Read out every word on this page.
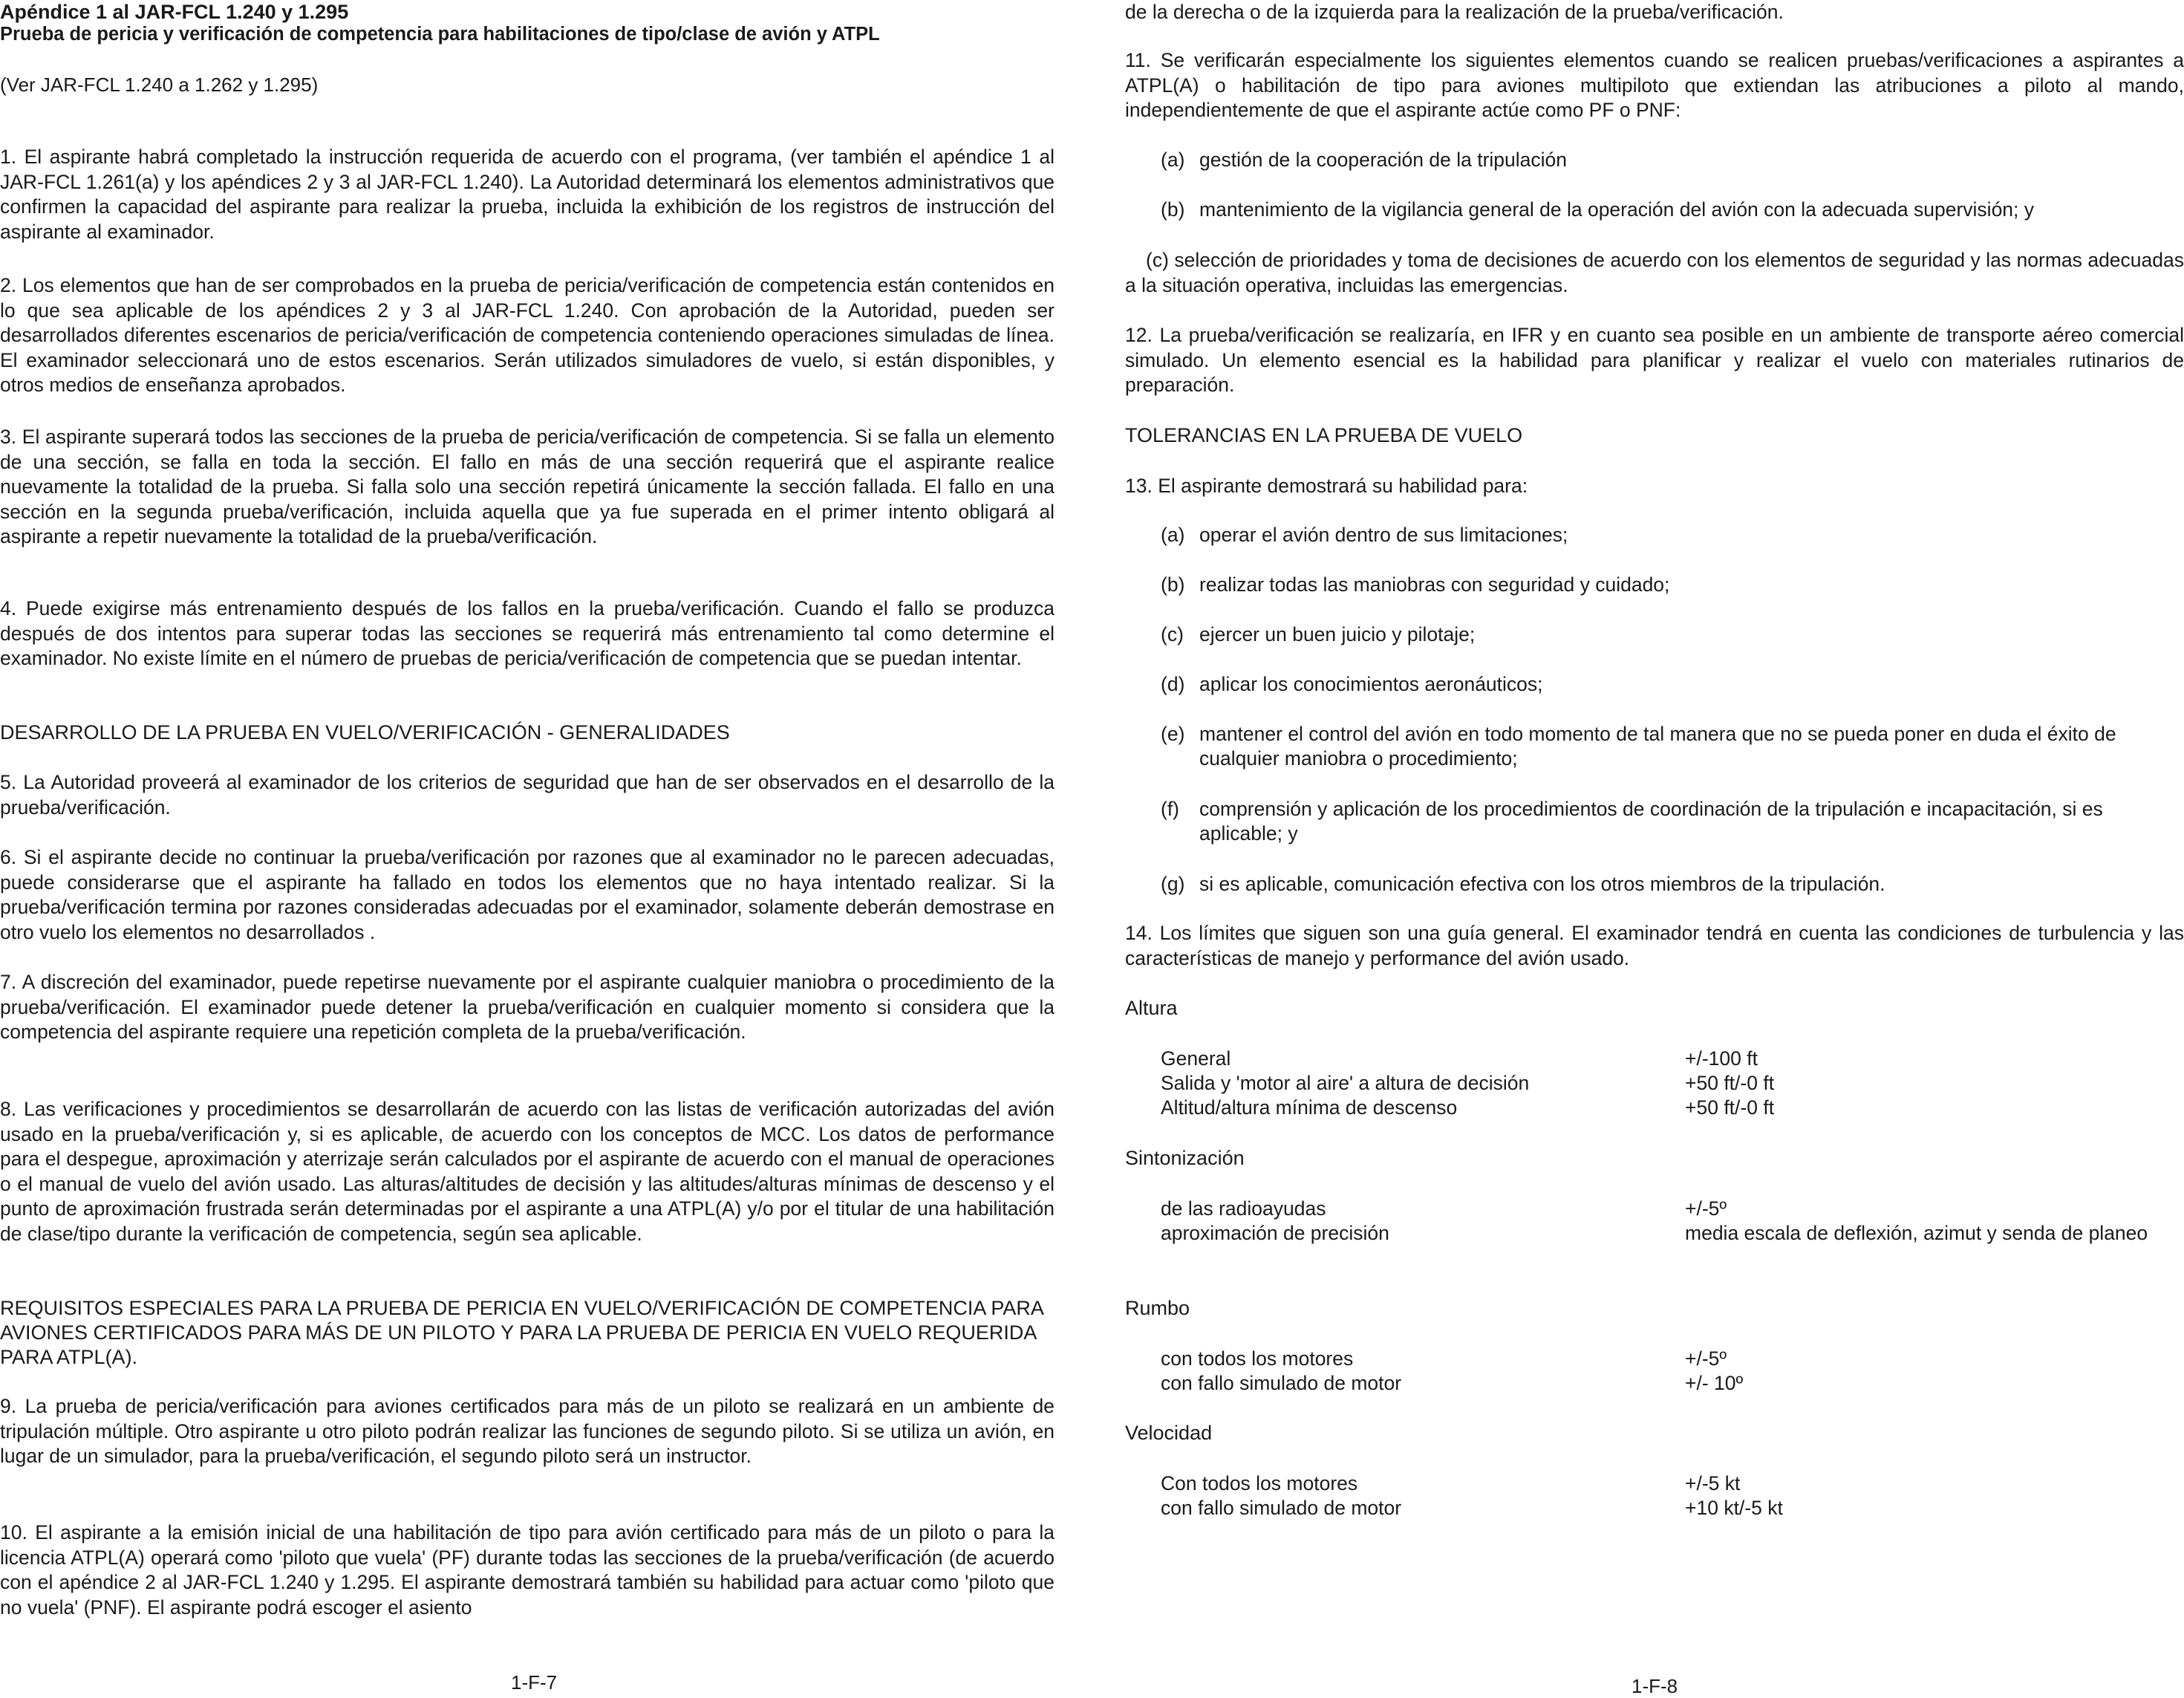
Apéndice 1 al JAR-FCL 1.240 y 1.295
Prueba de pericia y verificación de competencia para habilitaciones de tipo/clase de avión y ATPL
(Ver JAR-FCL 1.240 a 1.262 y 1.295)

1. El aspirante habrá completado la instrucción requerida de acuerdo con el programa, (ver también el apéndice 1 al JAR-FCL 1.261(a) y los apéndices 2 y 3 al JAR-FCL 1.240). La Autoridad determinará los elementos administrativos que confirmen la capacidad del aspirante para realizar la prueba, incluida la exhibición de los registros de instrucción del aspirante al examinador.

2. Los elementos que han de ser comprobados en la prueba de pericia/verificación de competencia están contenidos en lo que sea aplicable de los apéndices 2 y 3 al JAR-FCL 1.240. Con aprobación de la Autoridad, pueden ser desarrollados diferentes escenarios de pericia/verificación de competencia conteniendo operaciones simuladas de línea. El examinador seleccionará uno de estos escenarios. Serán utilizados simuladores de vuelo, si están disponibles, y otros medios de enseñanza aprobados.

3. El aspirante superará todos las secciones de la prueba de pericia/verificación de competencia. Si se falla un elemento de una sección, se falla en toda la sección. El fallo en más de una sección requerirá que el aspirante realice nuevamente la totalidad de la prueba. Si falla solo una sección repetirá únicamente la sección fallada. El fallo en una sección en la segunda prueba/verificación, incluida aquella que ya fue superada en el primer intento obligará al aspirante a repetir nuevamente la totalidad de la prueba/verificación.

4. Puede exigirse más entrenamiento después de los fallos en la prueba/verificación. Cuando el fallo se produzca después de dos intentos para superar todas las secciones se requerirá más entrenamiento tal como determine el examinador. No existe límite en el número de pruebas de pericia/verificación de competencia que se puedan intentar.

DESARROLLO DE LA PRUEBA EN VUELO/VERIFICACIÓN - GENERALIDADES

5. La Autoridad proveerá al examinador de los criterios de seguridad que han de ser observados en el desarrollo de la prueba/verificación.

6. Si el aspirante decide no continuar la prueba/verificación por razones que al examinador no le parecen adecuadas, puede considerarse que el aspirante ha fallado en todos los elementos que no haya intentado realizar. Si la prueba/verificación termina por razones consideradas adecuadas por el examinador, solamente deberán demostrase en otro vuelo los elementos no desarrollados .

7. A discreción del examinador, puede repetirse nuevamente por el aspirante cualquier maniobra o procedimiento de la prueba/verificación. El examinador puede detener la prueba/verificación en cualquier momento si considera que la competencia del aspirante requiere una repetición completa de la prueba/verificación.

8. Las verificaciones y procedimientos se desarrollarán de acuerdo con las listas de verificación autorizadas del avión usado en la prueba/verificación y, si es aplicable, de acuerdo con los conceptos de MCC. Los datos de performance para el despegue, aproximación y aterrizaje serán calculados por el aspirante de acuerdo con el manual de operaciones o el manual de vuelo del avión usado. Las alturas/altitudes de decisión y las altitudes/alturas mínimas de descenso y el punto de aproximación frustrada serán determinadas por el aspirante a una ATPL(A) y/o por el titular de una habilitación de clase/tipo durante la verificación de competencia, según sea aplicable.

REQUISITOS ESPECIALES PARA LA PRUEBA DE PERICIA EN VUELO/VERIFICACIÓN DE COMPETENCIA PARA AVIONES CERTIFICADOS PARA MÁS DE UN PILOTO Y PARA LA PRUEBA DE PERICIA EN VUELO REQUERIDA PARA ATPL(A).

9. La prueba de pericia/verificación para aviones certificados para más de un piloto se realizará en un ambiente de tripulación múltiple. Otro aspirante u otro piloto podrán realizar las funciones de segundo piloto. Si se utiliza un avión, en lugar de un simulador, para la prueba/verificación, el segundo piloto será un instructor.

10. El aspirante a la emisión inicial de una habilitación de tipo para avión certificado para más de un piloto o para la licencia ATPL(A) operará como 'piloto que vuela' (PF) durante todas las secciones de la prueba/verificación (de acuerdo con el apéndice 2 al JAR-FCL 1.240 y 1.295. El aspirante demostrará también su habilidad para actuar como 'piloto que no vuela' (PNF). El aspirante podrá escoger el asiento

1-F-7

de la derecha o de la izquierda para la realización de la prueba/verificación.

11. Se verificarán especialmente los siguientes elementos cuando se realicen pruebas/verificaciones a aspirantes a ATPL(A) o habilitación de tipo para aviones multipiloto que extiendan las atribuciones a piloto al mando, independientemente de que el aspirante actúe como PF o PNF:

(a) gestión de la cooperación de la tripulación
(b) mantenimiento de la vigilancia general de la operación del avión con la adecuada supervisión; y

(c) selección de prioridades y toma de decisiones de acuerdo con los elementos de seguridad y las normas adecuadas a la situación operativa, incluidas las emergencias.

12. La prueba/verificación se realizaría, en IFR y en cuanto sea posible en un ambiente de transporte aéreo comercial simulado. Un elemento esencial es la habilidad para planificar y realizar el vuelo con materiales rutinarios de preparación.

TOLERANCIAS EN LA PRUEBA DE VUELO

13. El aspirante demostrará su habilidad para:

(a) operar el avión dentro de sus limitaciones;
(b) realizar todas las maniobras con seguridad y cuidado;
(c) ejercer un buen juicio y pilotaje;
(d) aplicar los conocimientos aeronáuticos;
(e) mantener el control del avión en todo momento de tal manera que no se pueda poner en duda el éxito de cualquier maniobra o procedimiento;
(f)	comprensión y aplicación de los procedimientos de coordinación de la tripulación e incapacitación, si es aplicable; y
(g) si es aplicable, comunicación efectiva con los otros miembros de la tripulación.

14. Los límites que siguen son una guía general. El examinador tendrá en cuenta las condiciones de turbulencia y las características de manejo y performance del avión usado.

Altura
General	+/-100 ft
Salida y 'motor al aire' a altura de decisión	+50 ft/-0 ft
Altitud/altura mínima de descenso	+50 ft/-0 ft
Sintonización
de las radioayudas	+/-5º
aproximación de precisión	media escala de deflexión, azimut y senda de planeo
Rumbo
con todos los motores	+/-5º
con fallo simulado de motor	+/- 10º
Velocidad
Con todos los motores	+/-5 kt
con fallo simulado de motor	+10 kt/-5 kt
1-F-8
